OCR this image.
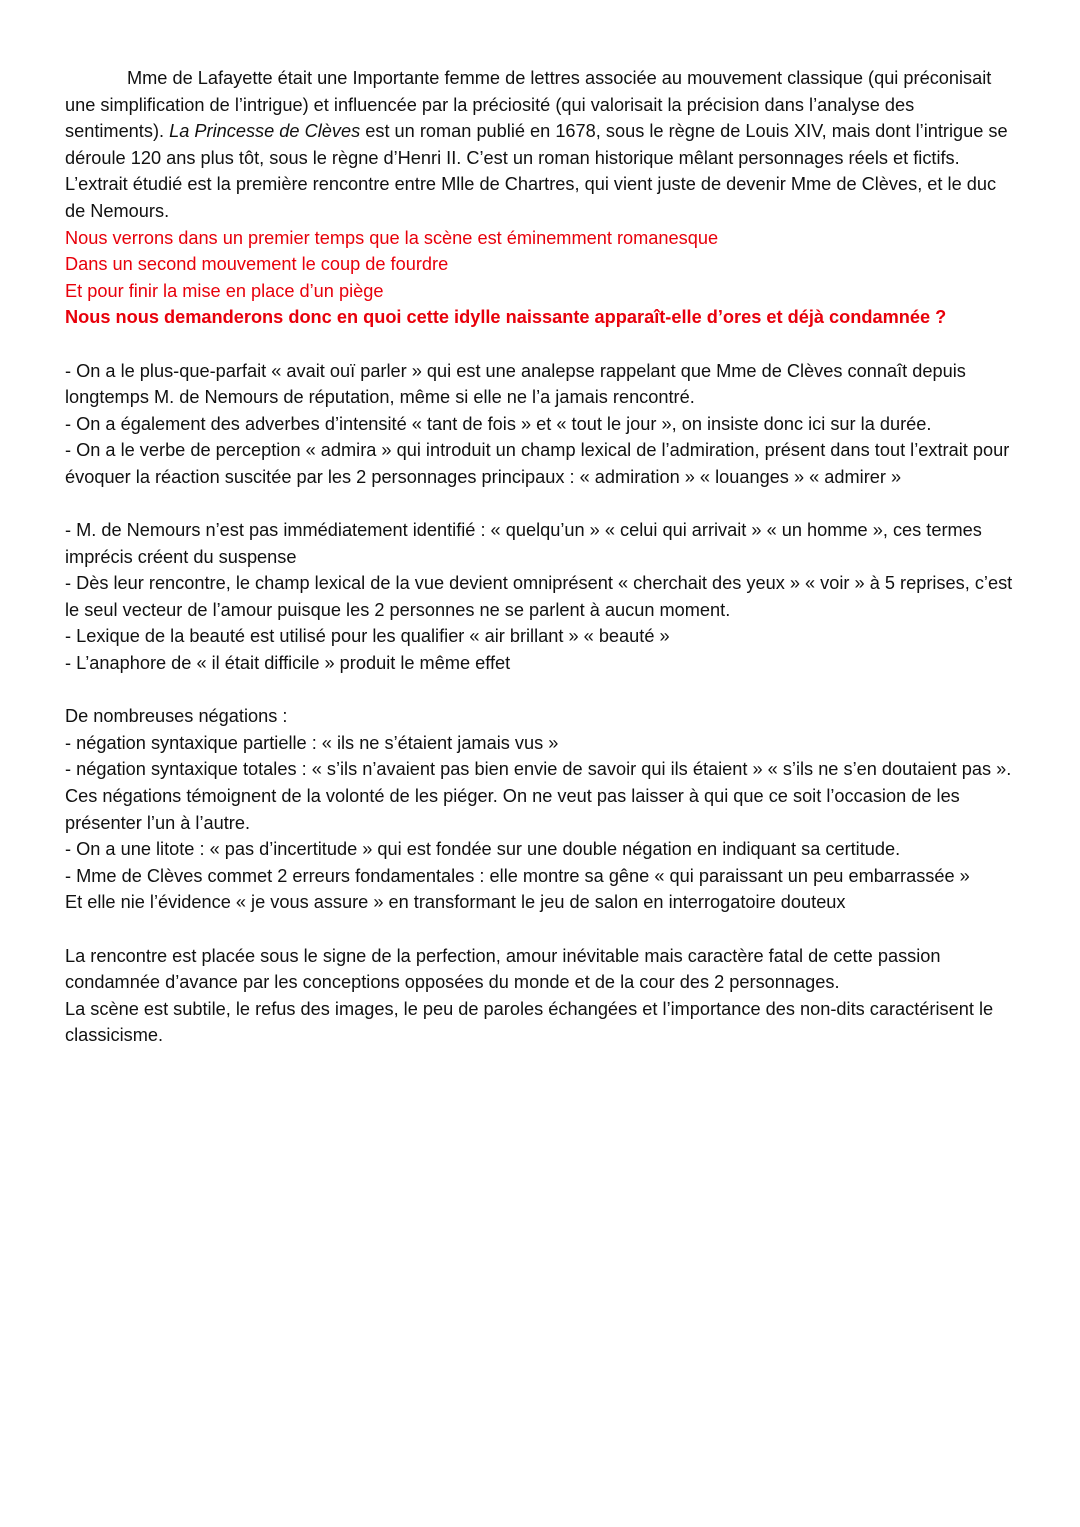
Mme de Lafayette était une Importante femme de lettres associée au mouvement classique (qui préconisait une simplification de l’intrigue) et influencée par la préciosité (qui valorisait la précision dans l’analyse des sentiments). La Princesse de Clèves est un roman publié en 1678, sous le règne de Louis XIV, mais dont l’intrigue se déroule 120 ans plus tôt, sous le règne d’Henri II. C’est un roman historique mêlant personnages réels et fictifs. L’extrait étudié est la première rencontre entre Mlle de Chartres, qui vient juste de devenir Mme de Clèves, et le duc de Nemours.

Nous verrons dans un premier temps que la scène est éminemment romanesque

Dans un second mouvement le coup de fourdre

Et pour finir la mise en place d’un piège

Nous nous demanderons donc en quoi cette idylle naissante apparaît-elle d’ores et déjà condamnée ?

- On a le plus-que-parfait « avait ouï parler » qui est une analepse rappelant que Mme de Clèves connaît depuis longtemps M. de Nemours de réputation, même si elle ne l’a jamais rencontré.

- On a également des adverbes d’intensité « tant de fois » et « tout le jour », on insiste donc ici sur la durée.

- On a le verbe de perception « admira » qui introduit un champ lexical de l’admiration, présent dans tout l’extrait pour évoquer la réaction suscitée par les 2 personnages principaux : « admiration » « louanges » « admirer »

- M. de Nemours n’est pas immédiatement identifié : « quelqu’un » « celui qui arrivait » « un homme », ces termes imprécis créent du suspense

- Dès leur rencontre, le champ lexical de la vue devient omniprésent « cherchait des yeux » « voir » à 5 reprises, c’est le seul vecteur de l’amour puisque les 2 personnes ne se parlent à aucun moment.

- Lexique de la beauté est utilisé pour les qualifier « air brillant » « beauté »

- L’anaphore de « il était difficile » produit le même effet

De nombreuses négations :

- négation syntaxique partielle : « ils ne s’étaient jamais vus »

- négation syntaxique totales : « s’ils n’avaient pas bien envie de savoir qui ils étaient » « s’ils ne s’en doutaient pas ». Ces négations témoignent de la volonté de les piéger. On ne veut pas laisser à qui que ce soit l’occasion de les présenter l’un à l’autre.

- On a une litote : « pas d’incertitude » qui est fondée sur une double négation en indiquant sa certitude.

- Mme de Clèves commet 2 erreurs fondamentales : elle montre sa gêne « qui paraissant un peu embarrassée »

Et elle nie l’évidence « je vous assure » en transformant le jeu de salon en interrogatoire douteux

La rencontre est placée sous le signe de la perfection, amour inévitable mais caractère fatal de cette passion condamnée d’avance par les conceptions opposées du monde et de la cour des 2 personnages.

La scène est subtile, le refus des images, le peu de paroles échangées et l’importance des non-dits caractérisent le classicisme.
